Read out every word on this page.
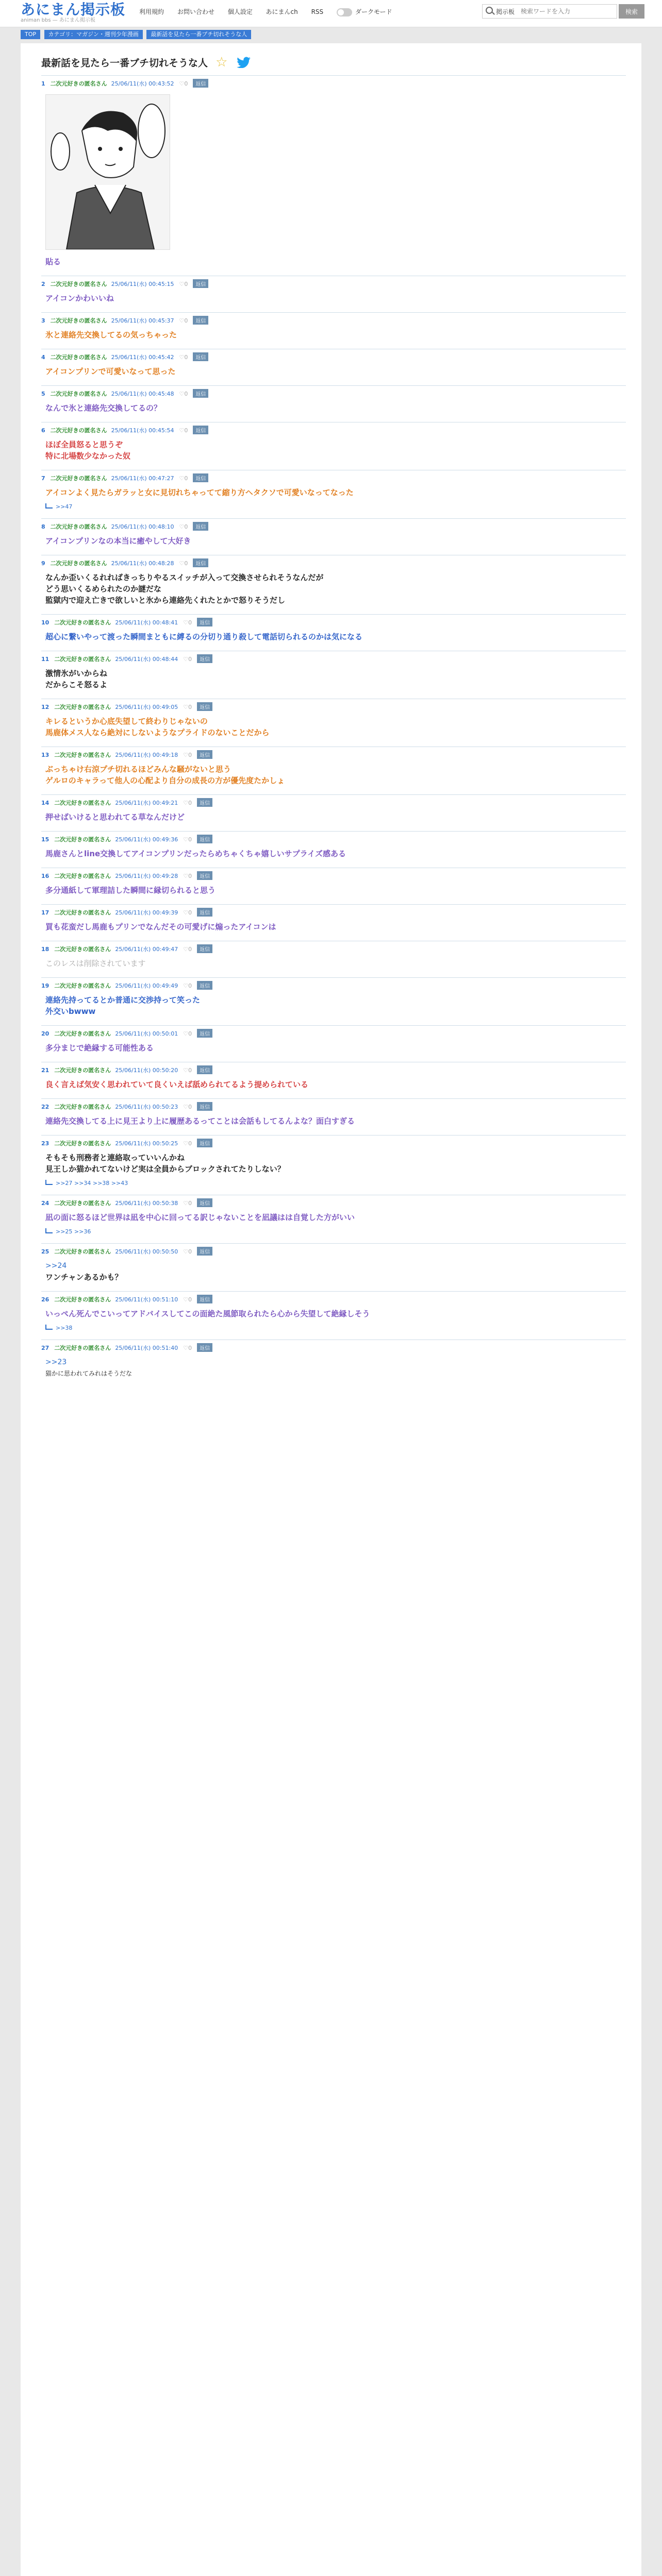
あにまん掲示板
animan bbs — あにまん掲示板
利用規約 お問い合わせ 個人設定 あにまんch RSS	ダークモード	掲示板
検索ワードを入力	検索
TOP カテゴリ：マガジン・週刊少年漫画 最新話を見たら一番ブチ切れそうな人
最新話を見たら一番ブチ切れそうな人 ☆
1 二次元好きの匿名さん 25/06/11(水) 00:43:52 ♡0 返信
貼る
2 二次元好きの匿名さん 25/06/11(水) 00:45:15 ♡0 返信
アイコンかわいいね
3 二次元好きの匿名さん 25/06/11(水) 00:45:37 ♡0 返信
氷と連絡先交換してるの気っちゃった
4 二次元好きの匿名さん 25/06/11(水) 00:45:42 ♡0 返信
アイコンプリンで可愛いなって思った
5 二次元好きの匿名さん 25/06/11(水) 00:45:48 ♡0 返信
なんで氷と連絡先交換してるの？
6 二次元好きの匿名さん 25/06/11(水) 00:45:54 ♡0 返信
ほぼ全員怒ると思うぞ
特に北場数少なかった奴
7 二次元好きの匿名さん 25/06/11(水) 00:47:27 ♡0 返信
アイコンよく見たらガラッと女に見切れちゃってて縮り方ヘタクソで可愛いなってなった
>>47
8 二次元好きの匿名さん 25/06/11(水) 00:48:10 ♡0 返信
アイコンプリンなの本当に癒やして大好き
9 二次元好きの匿名さん 25/06/11(水) 00:48:28 ♡0 返信
なんか歪いくるれればきっちりやるスイッチが入って交換させられそうなんだが
どう思いくるめられたのか謎だな
監獄内で迎え亡きで欲しいと氷から連絡先くれたとかで怒りそうだし
10 二次元好きの匿名さん 25/06/11(水) 00:48:41 ♡0 返信
超心に繋いやって渡った瞬間まともに縛るの分切り通り殺して電話切られるのかは気になる
11 二次元好きの匿名さん 25/06/11(水) 00:48:44 ♡0 返信
激情氷がいからね
だからこそ怒るよ
12 二次元好きの匿名さん 25/06/11(水) 00:49:05 ♡0 返信
キレるというか心底失望して終わりじゃないの
馬鹿体メス人なら絶対にしないようなプライドのないことだから
13 二次元好きの匿名さん 25/06/11(水) 00:49:18 ♡0 返信
ぶっちゃけ右涼プチ切れるほどみんな騒がないと思う
ゲルロのキャラって他人の心配より自分の成長の方が優先度たかしょ
14 二次元好きの匿名さん 25/06/11(水) 00:49:21 ♡0 返信
押せばいけると思われてる草なんだけど
15 二次元好きの匿名さん 25/06/11(水) 00:49:36 ♡0 返信
馬鹿さんとline交換してアイコンプリンだったらめちゃくちゃ嬉しいサプライズ感ある
16 二次元好きの匿名さん 25/06/11(水) 00:49:28 ♡0 返信
多分通紙して軍理詰した瞬間に縁切られると思う
17 二次元好きの匿名さん 25/06/11(水) 00:49:39 ♡0 返信
買も花蛮だし馬鹿もプリンでなんだその可愛げに煽ったアイコンは
18 二次元好きの匿名さん 25/06/11(水) 00:49:47 ♡0 返信
このレスは削除されています
19 二次元好きの匿名さん 25/06/11(水) 00:49:49 ♡0 返信
連絡先持ってるとか普通に交渉持って笑った
外交いbwww
20 二次元好きの匿名さん 25/06/11(水) 00:50:01 ♡0 返信
多分まじで絶縁する可能性ある
21 二次元好きの匿名さん 25/06/11(水) 00:50:20 ♡0 返信
良く言えば気安く思われていて良くいえば舐められてるよう提められている
22 二次元好きの匿名さん 25/06/11(水) 00:50:23 ♡0 返信
連絡先交換してる上に見王より上に履歴あるってことは会話もしてるんよな？面白すぎる
23 二次元好きの匿名さん 25/06/11(水) 00:50:25 ♡0 返信
そもそも刑務者と連絡取っていいんかね
見王しか猫かれてないけど実は全員からブロックされてたりしない？
>>27 >>34 >>38 >>43
24 二次元好きの匿名さん 25/06/11(水) 00:50:38 ♡0 返信
凪の面に怒るほど世界は凪を中心に回ってる訳じゃないことを凪議はは自覚した方がいい
>>25 >>36
25 二次元好きの匿名さん 25/06/11(水) 00:50:50 ♡0 返信
>>24
ワンチャンあるかも？
26 二次元好きの匿名さん 25/06/11(水) 00:51:10 ♡0 返信
いっぺん死んでこいってアドバイスしてこの面絶た風節取られたら心から失望して絶縁しそう
>>38
27 二次元好きの匿名さん 25/06/11(水) 00:51:40 ♡0 返信
>>23
猫かに思われてみれはそうだな
